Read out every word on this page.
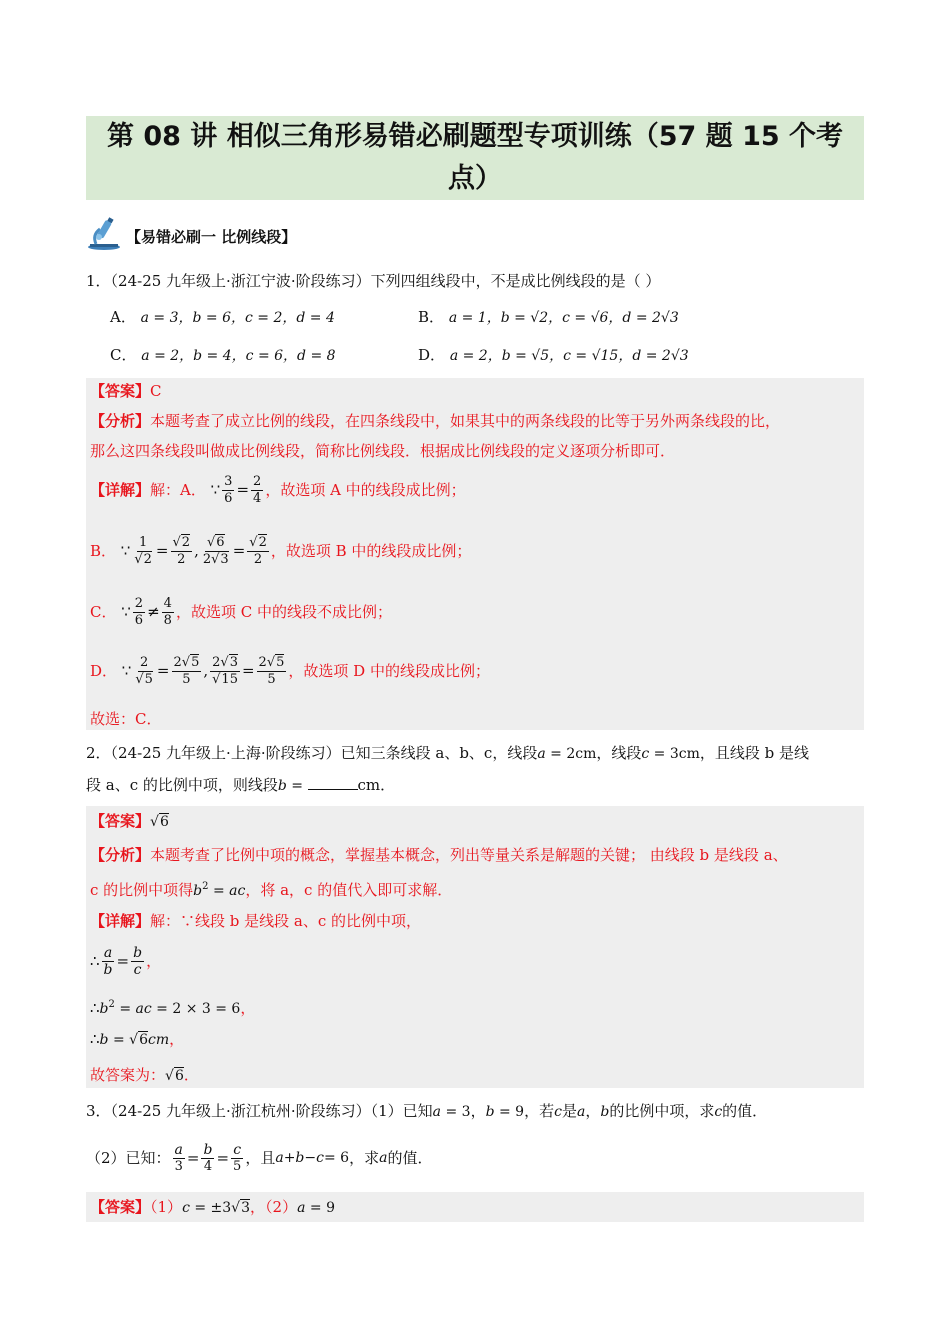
第 08 讲 相似三角形易错必刷题型专项训练（57 题 15 个考
点）
【易错必刷一 比例线段】
1．（24-25 九年级上·浙江宁波·阶段练习）下列四组线段中，不是成比例线段的是（ ）
A． a = 3，b = 6，c = 2，d = 4	B． a = 1，b = √2，c = √6，d = 2√3
C． a = 2，b = 4，c = 6，d = 8	D． a = 2，b = √5，c = √15，d = 2√3
【答案】C
【分析】本题考查了成立比例的线段，在四条线段中，如果其中的两条线段的比等于另外两条线段的比，
那么这四条线段叫做成比例线段，简称比例线段．根据成比例线段的定义逐项分析即可．
【详解】 解：A． ∵ $\frac{3}{6} = \frac{2}{4}$ ，故选项 A 中的线段成比例；
B． ∵ $\frac{1}{√2} = \frac{√2}{2}$ , $\frac{√6}{2√3} = \frac{√2}{2}$ ，故选项 B 中的线段成比例；
C． ∵ $\frac{2}{6} \ne \frac{4}{8}$ ，故选项 C 中的线段不成比例；
D． ∵ $\frac{2}{√5} = \frac{2√5}{5}$ , $\frac{2√3}{√15} = \frac{2√5}{5}$ ，故选项 D 中的线段成比例；
故选：C．
2．（24-25 九年级上·上海·阶段练习）已知三条线段 a、b、c，线段a = 2cm，线段c = 3cm，且线段 b 是线
段 a、c 的比例中项，则线段b =	cm．
【答案】√6
【分析】本题考查了比例中项的概念，掌握基本概念，列出等量关系是解题的关键； 由线段 b 是线段 a、
c 的比例中项得$b^2$ = ac，将 a，c 的值代入即可求解．
【详解】解：∵线段 b 是线段 a、c 的比例中项，
∴ $\frac{a}{b} = \frac{b}{c}$ ，
$\therefore b^2$ = ac = 2 × 3 = 6，
∴b = √6cm，
故答案为：√6．
3．（24-25 九年级上·浙江杭州·阶段练习）（1）已知a = 3，b = 9，若c是a，b的比例中项，求c的值．
（2）已知： $\frac{a}{3} = \frac{b}{4} = \frac{c}{5}$ ，且 a + b − c = 6 ，求 a 的值．
【答案】（1）c = ±3√3，（2）a = 9
